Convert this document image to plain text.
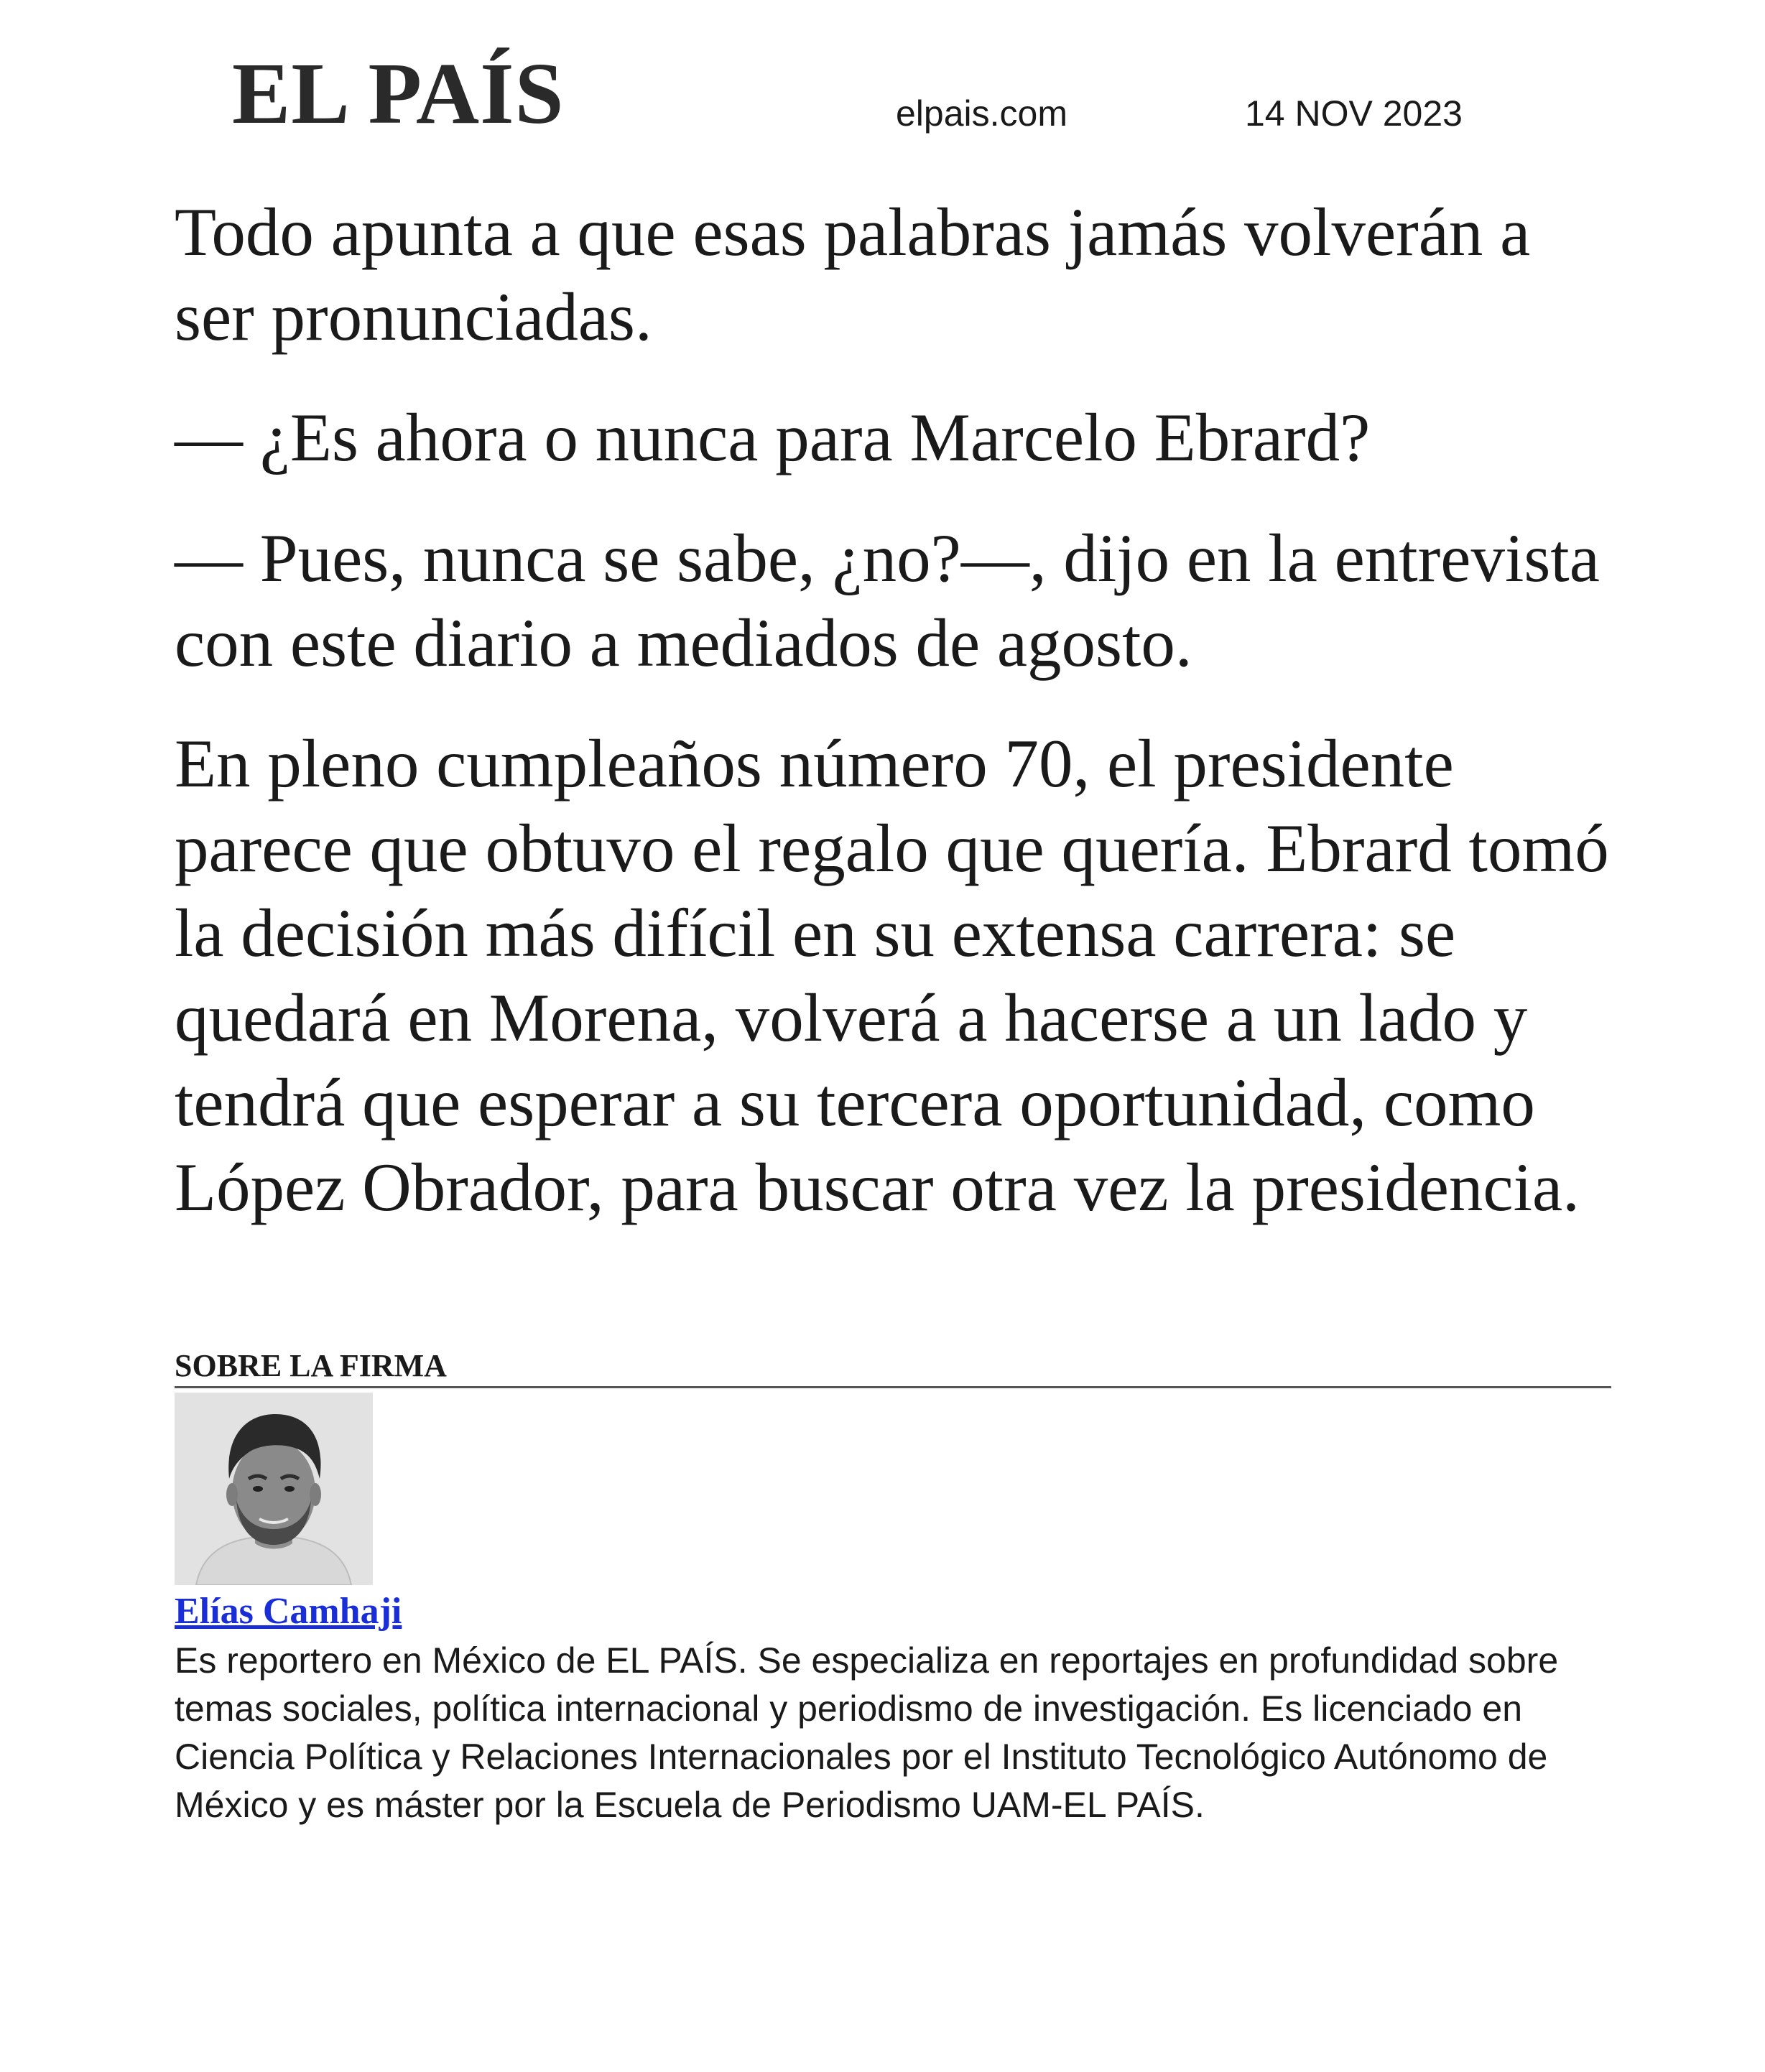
EL PAÍS	elpais.com	14 NOV 2023

Todo apunta a que esas palabras jamás volverán a ser pronunciadas.

— ¿Es ahora o nunca para Marcelo Ebrard?

— Pues, nunca se sabe, ¿no?—, dijo en la entrevista con este diario a mediados de agosto.

En pleno cumpleaños número 70, el presidente parece que obtuvo el regalo que quería. Ebrard tomó la decisión más difícil en su extensa carrera: se quedará en Morena, volverá a hacerse a un lado y tendrá que esperar a su tercera oportunidad, como López Obrador, para buscar otra vez la presidencia.

SOBRE LA FIRMA
Elías Camhaji

Es reportero en México de EL PAÍS. Se especializa en reportajes en profundidad sobre temas sociales, política internacional y periodismo de investigación. Es licenciado en Ciencia Política y Relaciones Internacionales por el Instituto Tecnológico Autónomo de México y es máster por la Escuela de Periodismo UAM-EL PAÍS.
